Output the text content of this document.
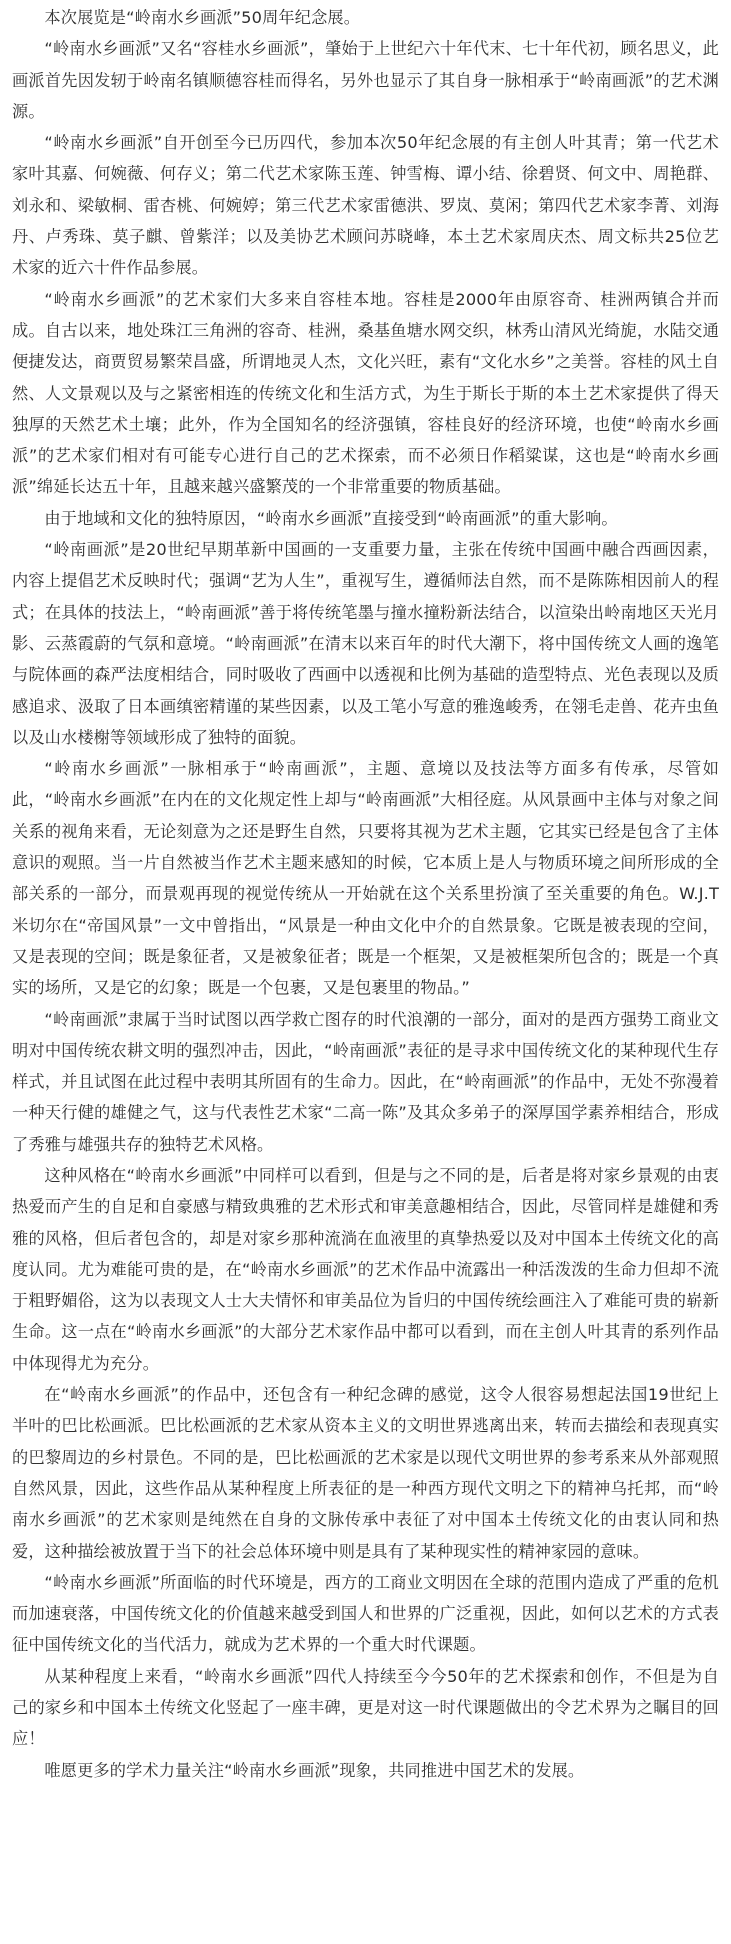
本次展览是“岭南水乡画派”50周年纪念展。

“岭南水乡画派”又名“容桂水乡画派”，肇始于上世纪六十年代末、七十年代初，顾名思义，此画派首先因发轫于岭南名镇顺德容桂而得名，另外也显示了其自身一脉相承于“岭南画派”的艺术渊源。

“岭南水乡画派”自开创至今已历四代，参加本次50年纪念展的有主创人叶其青；第一代艺术家叶其嘉、何婉薇、何存义；第二代艺术家陈玉莲、钟雪梅、谭小结、徐碧贤、何文中、周艳群、刘永和、梁敏桐、雷杏桃、何婉婷；第三代艺术家雷德洪、罗岚、莫闲；第四代艺术家李菁、刘海丹、卢秀珠、莫子麒、曾紫洋；以及美协艺术顾问苏晓峰，本土艺术家周庆杰、周文标共25位艺术家的近六十件作品参展。

“岭南水乡画派”的艺术家们大多来自容桂本地。容桂是2000年由原容奇、桂洲两镇合并而成。自古以来，地处珠江三角洲的容奇、桂洲，桑基鱼塘水网交织，林秀山清风光绮旎，水陆交通便捷发达，商贾贸易繁荣昌盛，所谓地灵人杰，文化兴旺，素有“文化水乡”之美誉。容桂的风土自然、人文景观以及与之紧密相连的传统文化和生活方式，为生于斯长于斯的本土艺术家提供了得天独厚的天然艺术土壤；此外，作为全国知名的经济强镇，容桂良好的经济环境，也使“岭南水乡画派”的艺术家们相对有可能专心进行自己的艺术探索，而不必须日作稻粱谋，这也是“岭南水乡画派”绵延长达五十年，且越来越兴盛繁茂的一个非常重要的物质基础。

由于地域和文化的独特原因，“岭南水乡画派”直接受到“岭南画派”的重大影响。

“岭南画派”是20世纪早期革新中国画的一支重要力量，主张在传统中国画中融合西画因素，内容上提倡艺术反映时代；强调“艺为人生”，重视写生，遵循师法自然，而不是陈陈相因前人的程式；在具体的技法上，“岭南画派”善于将传统笔墨与撞水撞粉新法结合，以渲染出岭南地区天光月影、云蒸霞蔚的气氛和意境。“岭南画派”在清末以来百年的时代大潮下，将中国传统文人画的逸笔与院体画的森严法度相结合，同时吸收了西画中以透视和比例为基础的造型特点、光色表现以及质感追求、汲取了日本画缜密精谨的某些因素，以及工笔小写意的雅逸峻秀，在翎毛走兽、花卉虫鱼以及山水楼榭等领域形成了独特的面貌。

“岭南水乡画派”一脉相承于“岭南画派”，主题、意境以及技法等方面多有传承，尽管如此，“岭南水乡画派”在内在的文化规定性上却与“岭南画派”大相径庭。从风景画中主体与对象之间关系的视角来看，无论刻意为之还是野生自然，只要将其视为艺术主题，它其实已经是包含了主体意识的观照。当一片自然被当作艺术主题来感知的时候，它本质上是人与物质环境之间所形成的全部关系的一部分，而景观再现的视觉传统从一开始就在这个关系里扮演了至关重要的角色。W.J.T米切尔在“帝国风景”一文中曾指出，“风景是一种由文化中介的自然景象。它既是被表现的空间，又是表现的空间；既是象征者，又是被象征者；既是一个框架，又是被框架所包含的；既是一个真实的场所，又是它的幻象；既是一个包裹，又是包裹里的物品。”

“岭南画派”隶属于当时试图以西学救亡图存的时代浪潮的一部分，面对的是西方强势工商业文明对中国传统农耕文明的强烈冲击，因此，“岭南画派”表征的是寻求中国传统文化的某种现代生存样式，并且试图在此过程中表明其所固有的生命力。因此，在“岭南画派”的作品中，无处不弥漫着一种天行健的雄健之气，这与代表性艺术家“二高一陈”及其众多弟子的深厚国学素养相结合，形成了秀雅与雄强共存的独特艺术风格。

这种风格在“岭南水乡画派”中同样可以看到，但是与之不同的是，后者是将对家乡景观的由衷热爱而产生的自足和自豪感与精致典雅的艺术形式和审美意趣相结合，因此，尽管同样是雄健和秀雅的风格，但后者包含的，却是对家乡那种流淌在血液里的真挚热爱以及对中国本土传统文化的高度认同。尤为难能可贵的是，在“岭南水乡画派”的艺术作品中流露出一种活泼泼的生命力但却不流于粗野媚俗，这为以表现文人士大夫情怀和审美品位为旨归的中国传统绘画注入了难能可贵的崭新生命。这一点在“岭南水乡画派”的大部分艺术家作品中都可以看到，而在主创人叶其青的系列作品中体现得尤为充分。

在“岭南水乡画派”的作品中，还包含有一种纪念碑的感觉，这令人很容易想起法国19世纪上半叶的巴比松画派。巴比松画派的艺术家从资本主义的文明世界逃离出来，转而去描绘和表现真实的巴黎周边的乡村景色。不同的是，巴比松画派的艺术家是以现代文明世界的参考系来从外部观照自然风景，因此，这些作品从某种程度上所表征的是一种西方现代文明之下的精神乌托邦，而“岭南水乡画派”的艺术家则是纯然在自身的文脉传承中表征了对中国本土传统文化的由衷认同和热爱，这种描绘被放置于当下的社会总体环境中则是具有了某种现实性的精神家园的意味。

“岭南水乡画派”所面临的时代环境是，西方的工商业文明因在全球的范围内造成了严重的危机而加速衰落，中国传统文化的价值越来越受到国人和世界的广泛重视，因此，如何以艺术的方式表征中国传统文化的当代活力，就成为艺术界的一个重大时代课题。

从某种程度上来看，“岭南水乡画派”四代人持续至今今50年的艺术探索和创作，不但是为自己的家乡和中国本土传统文化竖起了一座丰碑，更是对这一时代课题做出的令艺术界为之瞩目的回应！

唯愿更多的学术力量关注“岭南水乡画派”现象，共同推进中国艺术的发展。
